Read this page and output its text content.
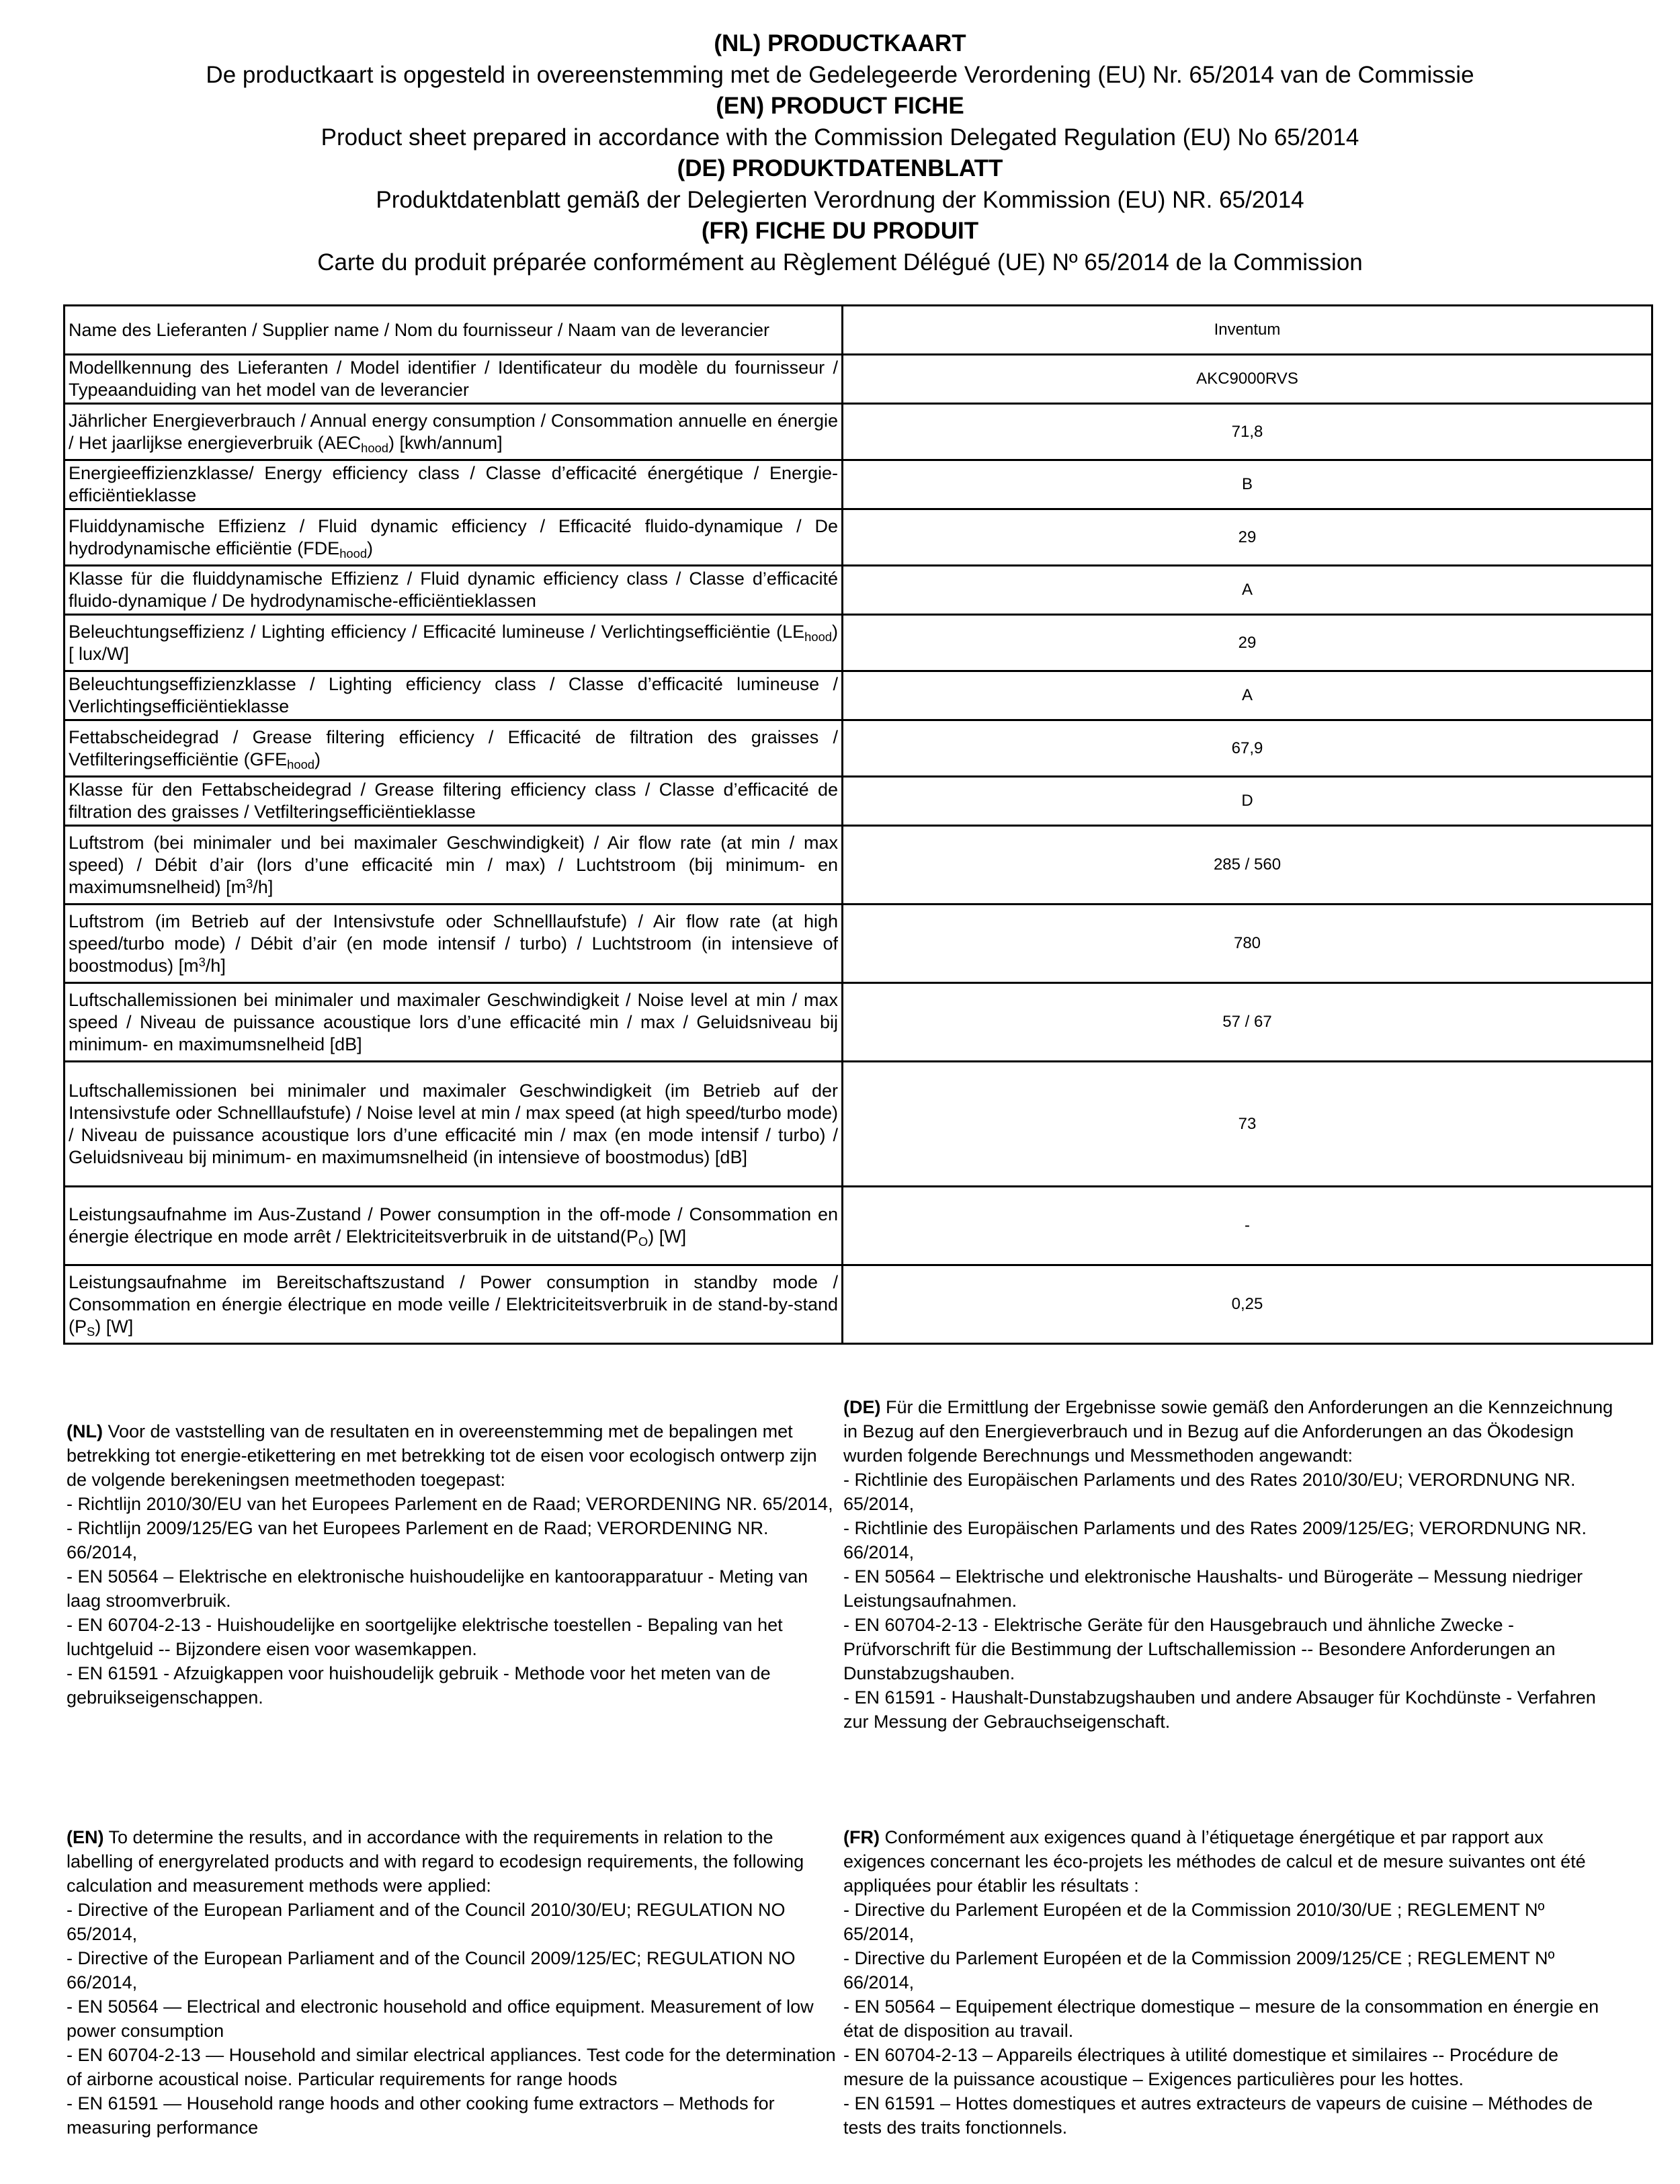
(NL) PRODUCTKAART
De productkaart is opgesteld in overeenstemming met de Gedelegeerde Verordening (EU) Nr. 65/2014 van de Commissie
(EN) PRODUCT FICHE
Product sheet prepared in accordance with the Commission Delegated Regulation (EU) No 65/2014
(DE) PRODUKTDATENBLATT
Produktdatenblatt gemäß der Delegierten Verordnung der Kommission (EU) NR. 65/2014
(FR) FICHE DU PRODUIT
Carte du produit préparée conformément au Règlement Délégué (UE) Nº 65/2014 de la Commission
Name des Lieferanten / Supplier name / Nom du fournisseur / Naam van de leverancier	Inventum
Modellkennung des Lieferanten / Model identifier / Identificateur du modèle du fournisseur / Typeaanduiding van het model van de leverancier	AKC9000RVS
Jährlicher Energieverbrauch / Annual energy consumption / Consommation annuelle en énergie / Het jaarlijkse energieverbruik $(AEC_{hood})$ [kwh/annum]	71,8
Energieeffizienzklasse/ Energy efficiency class / Classe d’efficacité énergétique / Energie-efficiëntieklasse	B
Fluiddynamische Effizienz / Fluid dynamic efficiency / Efficacité fluido-dynamique / De hydrodynamische efficiëntie $(FDE_{hood})$	29
Klasse für die fluiddynamische Effizienz / Fluid dynamic efficiency class / Classe d’efficacité fluido-dynamique / De hydrodynamische-efficiëntieklassen	A
Beleuchtungseffizienz / Lighting efficiency / Efficacité lumineuse / Verlichtingsefficiëntie $(LE_{hood})$ [ lux/W]	29
Beleuchtungseffizienzklasse / Lighting efficiency class / Classe d’efficacité lumineuse / Verlichtingsefficiëntieklasse	A
Fettabscheidegrad / Grease filtering efficiency / Efficacité de filtration des graisses / Vetfilteringsefficiëntie $(GFE_{hood})$	67,9
Klasse für den Fettabscheidegrad / Grease filtering efficiency class / Classe d’efficacité de filtration des graisses / Vetfilteringsefficiëntieklasse	D
Luftstrom (bei minimaler und bei maximaler Geschwindigkeit) / Air flow rate (at min / max speed) / Débit d’air (lors d’une efficacité min / max) / Luchtstroom (bij minimum- en maximumsnelheid) $[m^3/h]$	285 / 560
Luftstrom (im Betrieb auf der Intensivstufe oder Schnelllaufstufe) / Air flow rate (at high speed/turbo mode) / Débit d’air (en mode intensif / turbo) / Luchtstroom (in intensieve of boostmodus) $[m^3/h]$	780
Luftschallemissionen bei minimaler und maximaler Geschwindigkeit / Noise level at min / max speed / Niveau de puissance acoustique lors d’une efficacité min / max / Geluidsniveau bij minimum- en maximumsnelheid [dB]	57 / 67
Luftschallemissionen bei minimaler und maximaler Geschwindigkeit (im Betrieb auf der Intensivstufe oder Schnelllaufstufe) / Noise level at min / max speed (at high speed/turbo mode) / Niveau de puissance acoustique lors d’une efficacité min / max (en mode intensif / turbo) / Geluidsniveau bij minimum- en maximumsnelheid (in intensieve of boostmodus) [dB]	73
Leistungsaufnahme im Aus-Zustand / Power consumption in the off-mode / Consommation en énergie électrique en mode arrêt / Elektriciteitsverbruik in de $uitstand(P_O)$ [W]	-
Leistungsaufnahme im Bereitschaftszustand / Power consumption in standby mode / Consommation en énergie électrique en mode veille / Elektriciteitsverbruik in de stand-by-stand $(P_S)$ [W]	0,25
(NL) Voor de vaststelling van de resultaten en in overeenstemming met de bepalingen met betrekking tot energie-etikettering en met betrekking tot de eisen voor ecologisch ontwerp zijn de volgende berekeningsen meetmethoden toegepast:
- Richtlijn 2010/30/EU van het Europees Parlement en de Raad; VERORDENING NR. 65/2014,
- Richtlijn 2009/125/EG van het Europees Parlement en de Raad; VERORDENING NR. 66/2014,
- EN 50564 – Elektrische en elektronische huishoudelijke en kantoorapparatuur - Meting van laag stroomverbruik.
- EN 60704-2-13 - Huishoudelijke en soortgelijke elektrische toestellen - Bepaling van het luchtgeluid -- Bijzondere eisen voor wasemkappen.
- EN 61591 - Afzuigkappen voor huishoudelijk gebruik - Methode voor het meten van de gebruikseigenschappen.
(DE) Für die Ermittlung der Ergebnisse sowie gemäß den Anforderungen an die Kennzeichnung in Bezug auf den Energieverbrauch und in Bezug auf die Anforderungen an das Ökodesign wurden folgende Berechnungs und Messmethoden angewandt:
- Richtlinie des Europäischen Parlaments und des Rates 2010/30/EU; VERORDNUNG NR. 65/2014,
- Richtlinie des Europäischen Parlaments und des Rates 2009/125/EG; VERORDNUNG NR. 66/2014,
- EN 50564 – Elektrische und elektronische Haushalts- und Bürogeräte – Messung niedriger Leistungsaufnahmen.
- EN 60704-2-13 - Elektrische Geräte für den Hausgebrauch und ähnliche Zwecke - Prüfvorschrift für die Bestimmung der Luftschallemission -- Besondere Anforderungen an Dunstabzugshauben.
- EN 61591 - Haushalt-Dunstabzugshauben und andere Absauger für Kochdünste - Verfahren zur Messung der Gebrauchseigenschaft.
(EN) To determine the results, and in accordance with the requirements in relation to the labelling of energyrelated products and with regard to ecodesign requirements, the following calculation and measurement methods were applied:
- Directive of the European Parliament and of the Council 2010/30/EU; REGULATION NO 65/2014,
- Directive of the European Parliament and of the Council 2009/125/EC; REGULATION NO 66/2014,
- EN 50564 — Electrical and electronic household and office equipment. Measurement of low power consumption
- EN 60704-2-13 — Household and similar electrical appliances. Test code for the determination of airborne acoustical noise. Particular requirements for range hoods
- EN 61591 — Household range hoods and other cooking fume extractors – Methods for measuring performance
(FR) Conformément aux exigences quand à l’étiquetage énergétique et par rapport aux exigences concernant les éco-projets les méthodes de calcul et de mesure suivantes ont été appliquées pour établir les résultats :
- Directive du Parlement Européen et de la Commission 2010/30/UE ; REGLEMENT Nº 65/2014,
- Directive du Parlement Européen et de la Commission 2009/125/CE ; REGLEMENT Nº 66/2014,
- EN 50564 – Equipement électrique domestique – mesure de la consommation en énergie en état de disposition au travail.
- EN 60704-2-13 – Appareils électriques à utilité domestique et similaires -- Procédure de mesure de la puissance acoustique – Exigences particulières pour les hottes.
- EN 61591 – Hottes domestiques et autres extracteurs de vapeurs de cuisine – Méthodes de tests des traits fonctionnels.
